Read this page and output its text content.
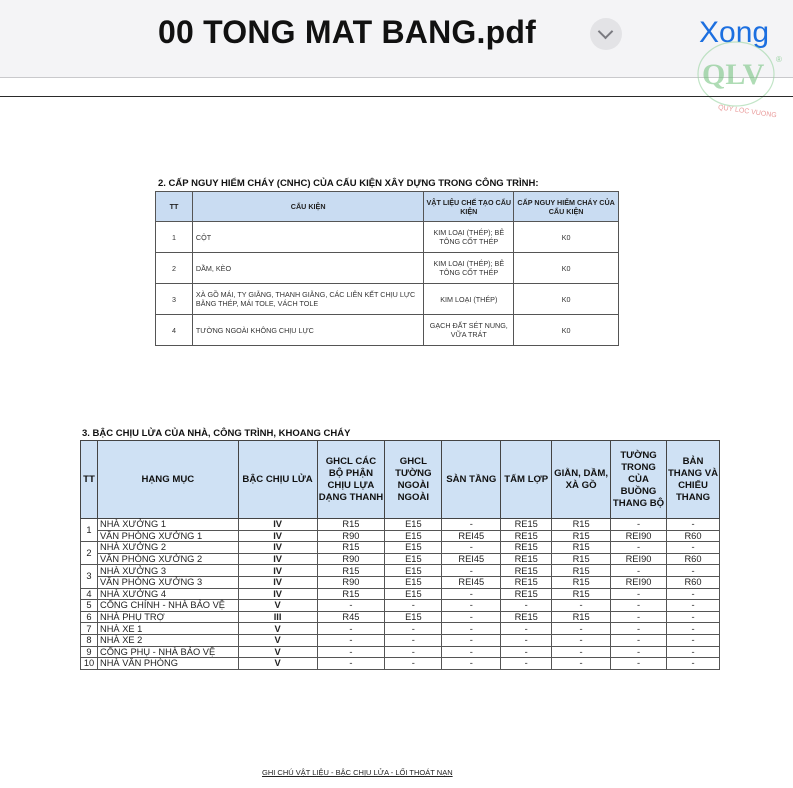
00 TONG MAT BANG.pdf	Xong
QLV ®
QUY LOC VUONG
2. CẤP NGUY HIỂM CHÁY (CNHC) CỦA CẤU KIỆN XÂY DỰNG TRONG CÔNG TRÌNH:
TT	CẤU KIỆN	VẬT LIỆU CHẾ TẠO CẤU KIỆN	CẤP NGUY HIỂM CHÁY CỦA CẤU KIỆN
1	CỘT	KIM LOẠI (THÉP); BÊ TÔNG CỐT THÉP	K0
2	DẦM, KÈO	KIM LOẠI (THÉP); BÊ TÔNG CỐT THÉP	K0
3	XÀ GỒ MÁI, TY GIẰNG, THANH GIẰNG, CÁC LIÊN KẾT CHỊU LỰC BẰNG THÉP, MÁI TOLE, VÁCH TOLE	KIM LOẠI (THÉP)	K0
4	TƯỜNG NGOÀI KHÔNG CHỊU LỰC	GẠCH ĐẤT SÉT NUNG, VỮA TRÁT	K0
3. BẬC CHỊU LỬA CỦA NHÀ, CÔNG TRÌNH, KHOANG CHÁY
TT	HẠNG MỤC	BẬC CHỊU LỬA	GHCL CÁC BỘ PHẬN CHỊU LỰA DẠNG THANH	GHCL TƯỜNG NGOÀI NGOÀI	SÀN TẦNG	TẤM LỢP	GIẰN, DẦM, XÀ GỒ	TƯỜNG TRONG CỦA BUỒNG THANG BỘ	BẢN THANG VÀ CHIẾU THANG
1	NHÀ XƯỞNG 1	IV	R15	E15	-	RE15	R15	-	-
	VĂN PHÒNG XƯỞNG 1	IV	R90	E15	REI45	RE15	R15	REI90	R60
2	NHÀ XƯỞNG 2	IV	R15	E15	-	RE15	R15	-	-
	VĂN PHÒNG XƯỞNG 2	IV	R90	E15	REI45	RE15	R15	REI90	R60
3	NHÀ XƯỞNG 3	IV	R15	E15	-	RE15	R15	-	-
	VĂN PHÒNG XƯỞNG 3	IV	R90	E15	REI45	RE15	R15	REI90	R60
4	NHÀ XƯỞNG 4	IV	R15	E15	-	RE15	R15	-	-
5	CỔNG CHÍNH - NHÀ BẢO VỆ	V	-	-	-	-	-	-	-
6	NHÀ PHỤ TRỢ	III	R45	E15	-	RE15	R15	-	-
7	NHÀ XE 1	V	-	-	-	-	-	-	-
8	NHÀ XE 2	V	-	-	-	-	-	-	-
9	CỔNG PHỤ - NHÀ BẢO VỆ	V	-	-	-	-	-	-	-
10	NHÀ VĂN PHÒNG	V	-	-	-	-	-	-	-
GHI CHÚ VẬT LIỆU - BẬC CHỊU LỬA - LỐI THOÁT NẠN
